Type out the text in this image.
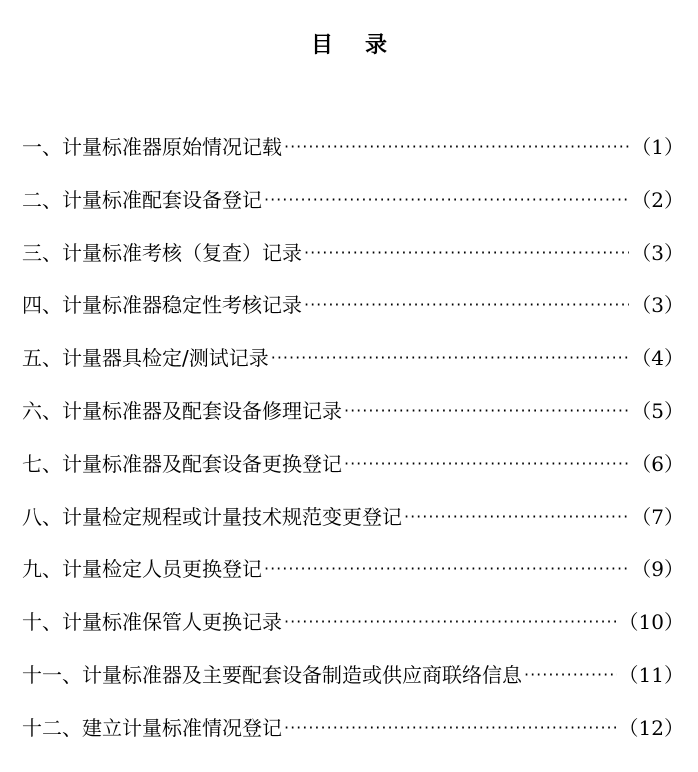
目 录
一、计量标准器原始情况记载 ·····	（1）
二、计量标准配套设备登记 ·····	（2）
三、计量标准考核（复查）记录 ·····	（3）
四、计量标准器稳定性考核记录 ·····	（3）
五、计量器具检定/测试记录 ·····	（4）
六、计量标准器及配套设备修理记录 ·····	（5）
七、计量标准器及配套设备更换登记 ·····	（6）
八、计量检定规程或计量技术规范变更登记 ·····	（7）
九、计量检定人员更换登记 ·····	（9）
十、计量标准保管人更换记录 ·····	（10）
十一、计量标准器及主要配套设备制造或供应商联络信息 ·····	（11）
十二、建立计量标准情况登记 ·····	（12）
